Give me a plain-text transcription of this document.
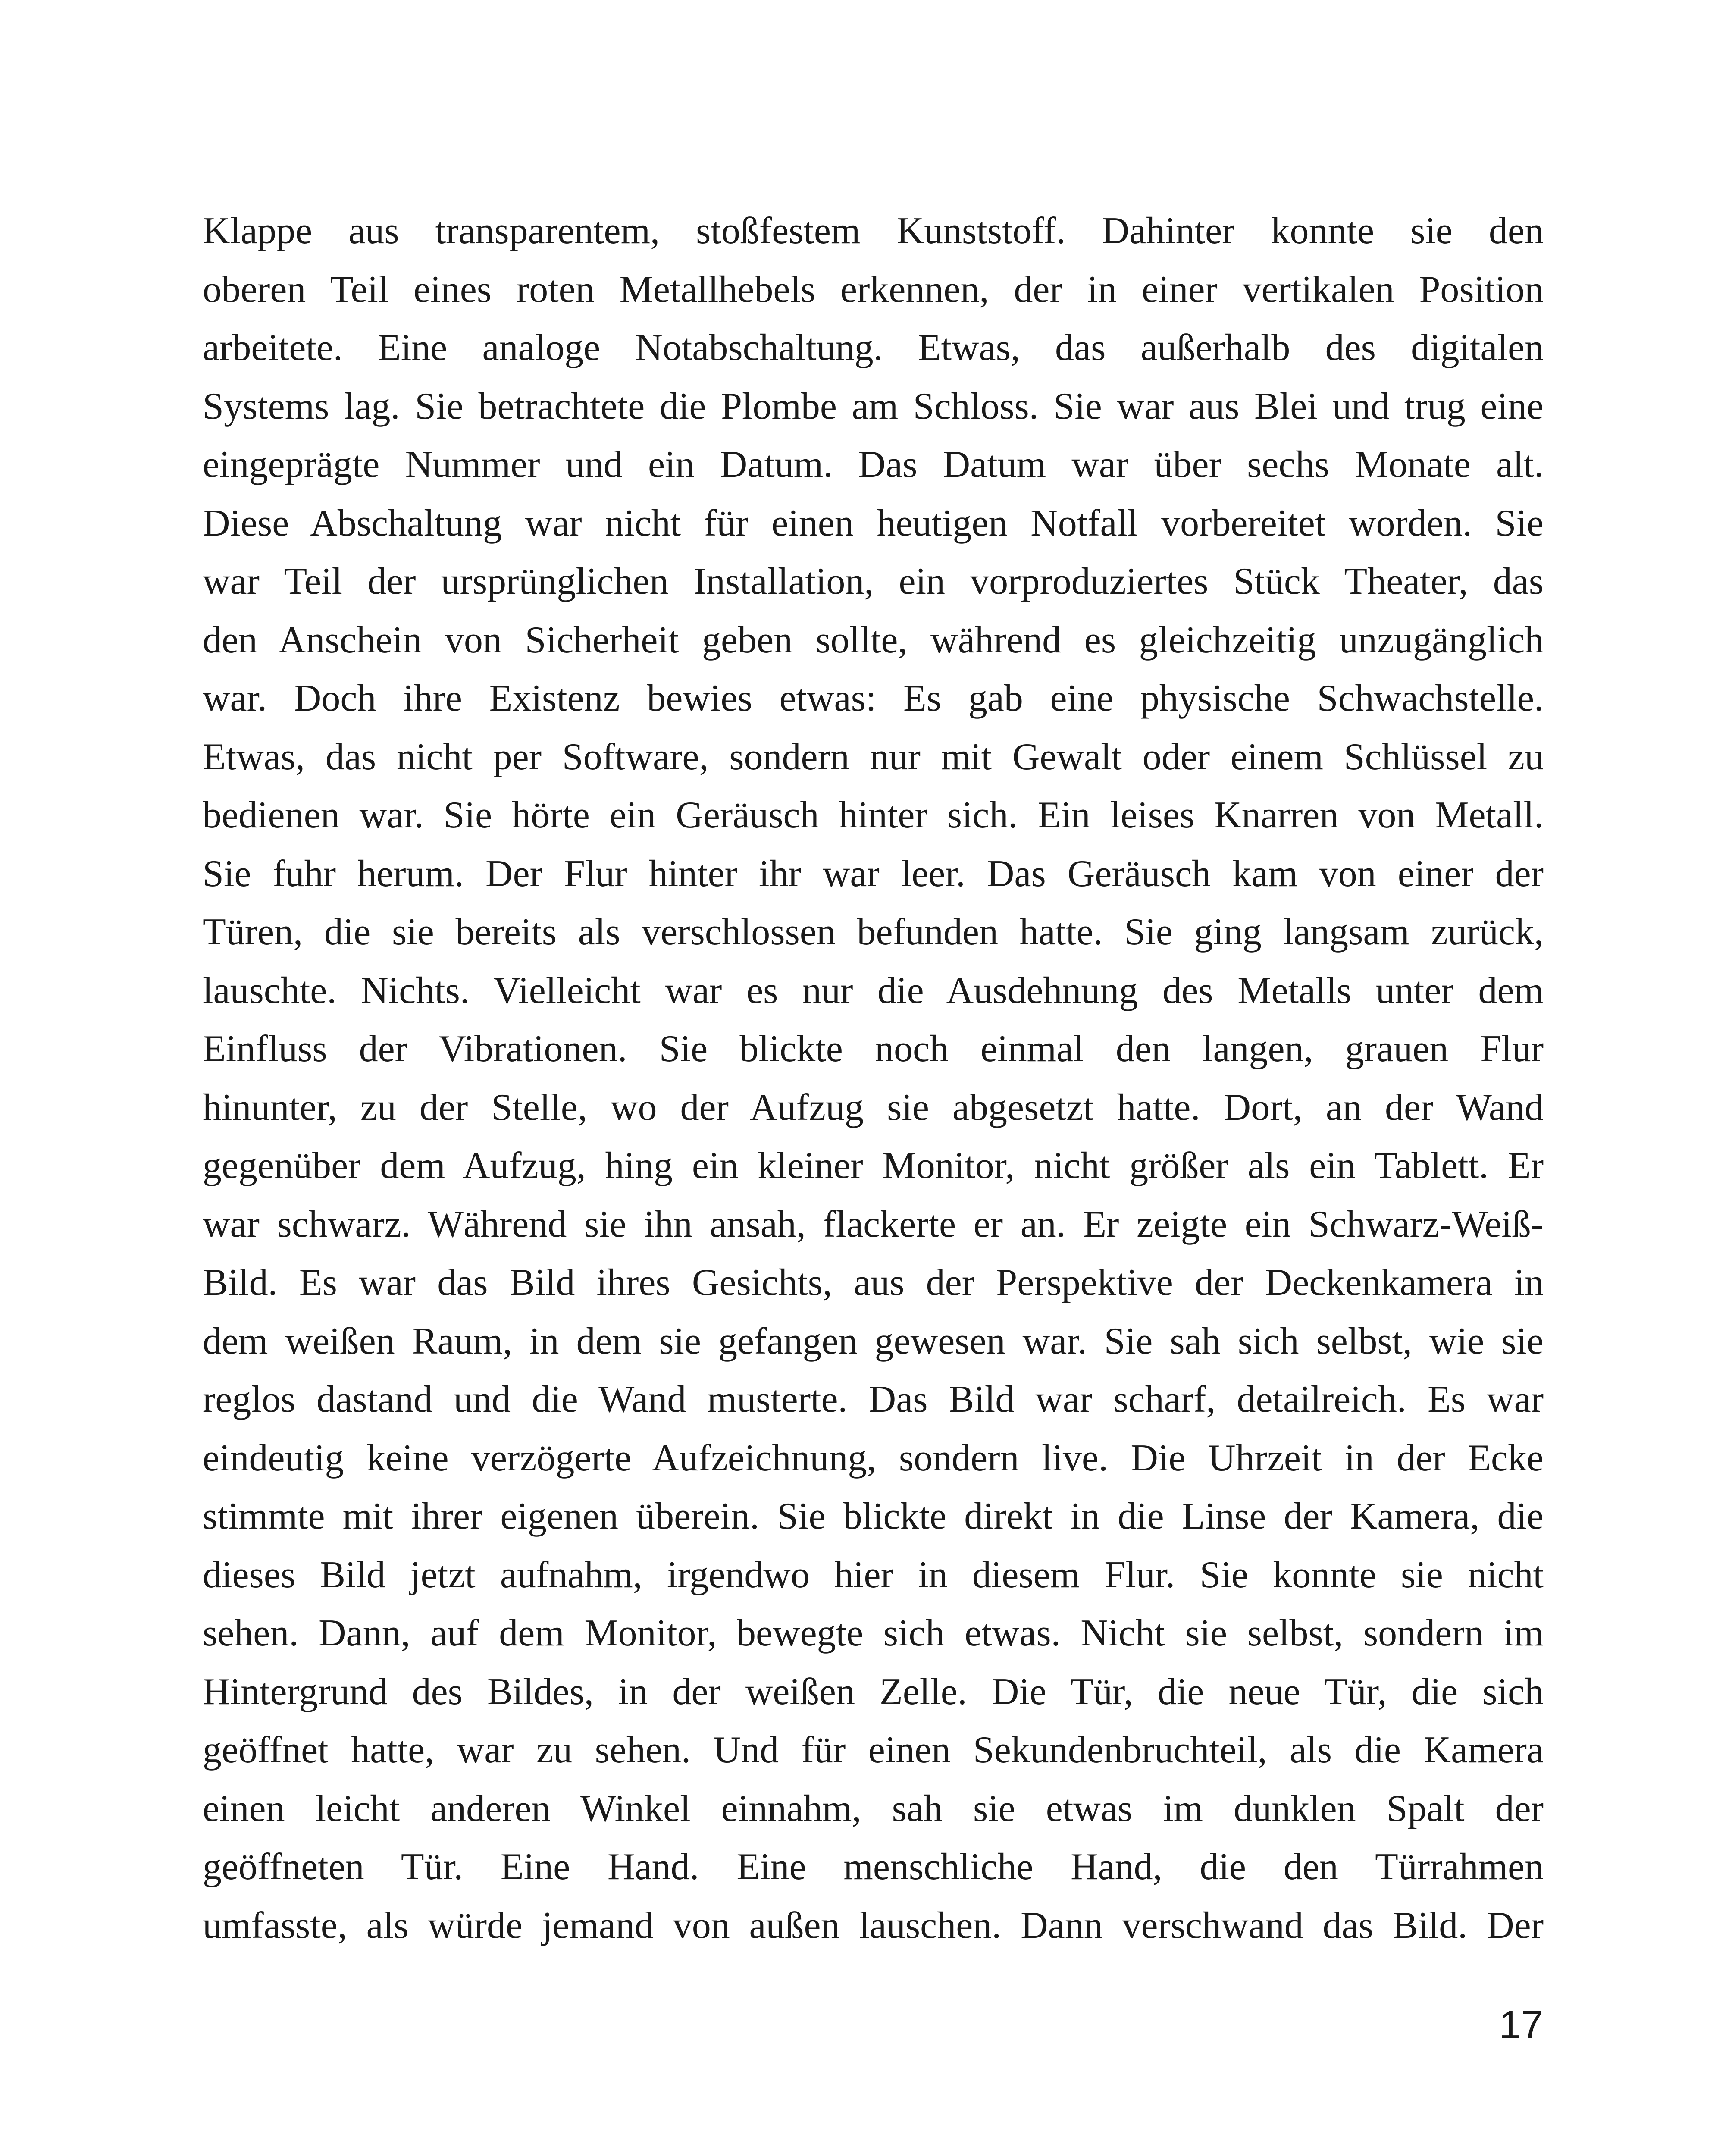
Klappe aus transparentem, stoßfestem Kunststoff. Dahinter konnte sie den
oberen Teil eines roten Metallhebels erkennen, der in einer vertikalen Position
arbeitete. Eine analoge Notabschaltung. Etwas, das außerhalb des digitalen
Systems lag. Sie betrachtete die Plombe am Schloss. Sie war aus Blei und trug eine
eingeprägte Nummer und ein Datum. Das Datum war über sechs Monate alt.
Diese Abschaltung war nicht für einen heutigen Notfall vorbereitet worden. Sie
war Teil der ursprünglichen Installation, ein vorproduziertes Stück Theater, das
den Anschein von Sicherheit geben sollte, während es gleichzeitig unzugänglich
war. Doch ihre Existenz bewies etwas: Es gab eine physische Schwachstelle.
Etwas, das nicht per Software, sondern nur mit Gewalt oder einem Schlüssel zu
bedienen war. Sie hörte ein Geräusch hinter sich. Ein leises Knarren von Metall.
Sie fuhr herum. Der Flur hinter ihr war leer. Das Geräusch kam von einer der
Türen, die sie bereits als verschlossen befunden hatte. Sie ging langsam zurück,
lauschte. Nichts. Vielleicht war es nur die Ausdehnung des Metalls unter dem
Einfluss der Vibrationen. Sie blickte noch einmal den langen, grauen Flur
hinunter, zu der Stelle, wo der Aufzug sie abgesetzt hatte. Dort, an der Wand
gegenüber dem Aufzug, hing ein kleiner Monitor, nicht größer als ein Tablett. Er
war schwarz. Während sie ihn ansah, flackerte er an. Er zeigte ein Schwarz-Weiß-
Bild. Es war das Bild ihres Gesichts, aus der Perspektive der Deckenkamera in
dem weißen Raum, in dem sie gefangen gewesen war. Sie sah sich selbst, wie sie
reglos dastand und die Wand musterte. Das Bild war scharf, detailreich. Es war
eindeutig keine verzögerte Aufzeichnung, sondern live. Die Uhrzeit in der Ecke
stimmte mit ihrer eigenen überein. Sie blickte direkt in die Linse der Kamera, die
dieses Bild jetzt aufnahm, irgendwo hier in diesem Flur. Sie konnte sie nicht
sehen. Dann, auf dem Monitor, bewegte sich etwas. Nicht sie selbst, sondern im
Hintergrund des Bildes, in der weißen Zelle. Die Tür, die neue Tür, die sich
geöffnet hatte, war zu sehen. Und für einen Sekundenbruchteil, als die Kamera
einen leicht anderen Winkel einnahm, sah sie etwas im dunklen Spalt der
geöffneten Tür. Eine Hand. Eine menschliche Hand, die den Türrahmen
umfasste, als würde jemand von außen lauschen. Dann verschwand das Bild. Der
17
